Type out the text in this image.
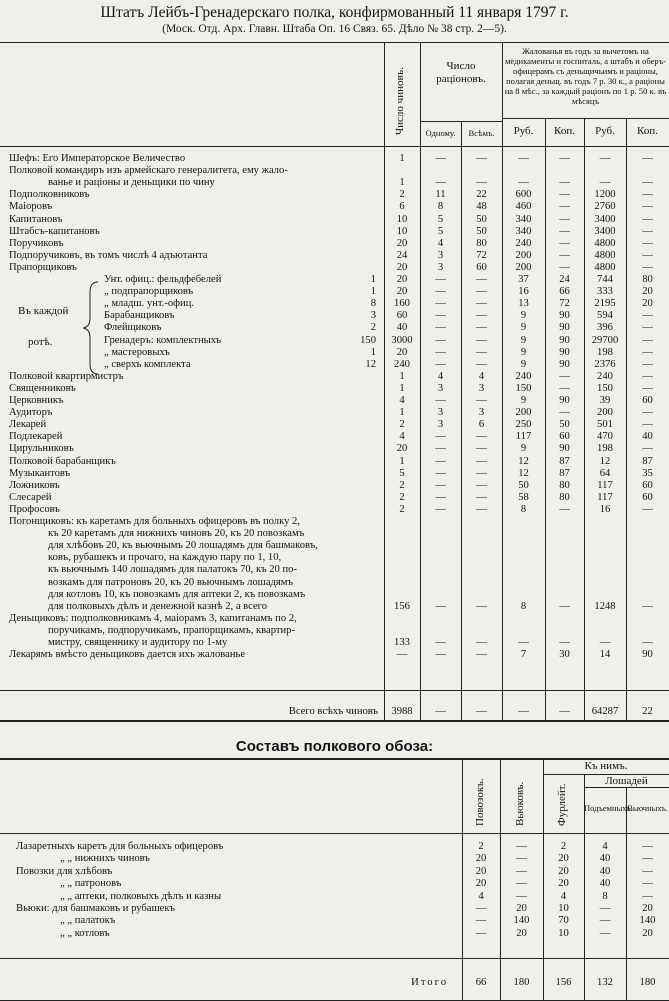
Штатъ Лейбъ-Гренадерскаго полка, конфирмованный 11 января 1797 г.
(Моск. Отд. Арх. Главн. Штаба Оп. 16 Связ. 65. Дѣло № 38 стр. 2—5).
Число чиновъ.
Число раціоновъ.
Одному.	Всѣмъ.
Жалованья въ годъ за вычетомъ на медикаменты и госпиталь, а штабъ и оберъ-офицерамъ съ деньщичьимъ и раціоны, полагая деньщ. въ годъ 7 р. 30 к., а раціоны на 8 мѣс., за каждый раціонъ по 1 р. 50 к. въ мѣсяцъ
Руб.	Коп.	Руб.	Коп.
Въ каждой
ротѣ.
Шефъ: Его Императорское Величество	1	—	—	—	—	—	—
Полковой командиръ изъ армейскаго генералитета, ему жало-
ванье и раціоны и деньщики по чину	1	—	—	—	—	—	—
Подполковниковъ	2	11	22	600	—	1200	—
Маіоровъ	6	8	48	460	—	2760	—
Капитановъ	10	5	50	340	—	3400	—
Штабсъ-капитановъ	10	5	50	340	—	3400	—
Поручиковъ	20	4	80	240	—	4800	—
Подпоручиковъ, въ томъ числѣ 4 адъютанта	24	3	72	200	—	4800	—
Прапорщиковъ	20	3	60	200	—	4800	—
Унт. офиц.: фельдфебелей	1	20	—	—	37	24	744	80
„ подпрапорщиковъ	1	20	—	—	16	66	333	20
„ младш. унт.-офиц.	8	160	—	—	13	72	2195	20
Барабанщиковъ	3	60	—	—	9	90	594	—
Флейщиковъ	2	40	—	—	9	90	396	—
Гренадеръ: комплектныхъ	150	3000	—	—	9	90	29700	—
„ мастеровыхъ	1	20	—	—	9	90	198	—
„ сверхъ комплекта	12	240	—	—	9	90	2376	—
Полковой квартирмистръ	1	4	4	240	—	240	—
Священниковъ	1	3	3	150	—	150	—
Церковникъ	4	—	—	9	90	39	60
Аудиторъ	1	3	3	200	—	200	—
Лекарей	2	3	6	250	50	501	—
Подлекарей	4	—	—	117	60	470	40
Цирульниковъ	20	—	—	9	90	198	—
Полковой барабанщикъ	1	—	—	12	87	12	87
Музыкантовъ	5	—	—	12	87	64	35
Ложниковъ	2	—	—	50	80	117	60
Слесарей	2	—	—	58	80	117	60
Профосовъ	2	—	—	8	—	16	—
Погонщиковъ: къ каретамъ для больныхъ офицеровъ въ полку 2,
къ 20 каретамъ для нижнихъ чиновъ 20, къ 20 повозкамъ
для хлѣбовъ 20, къ вьючнымъ 20 лошадямъ для башмаковъ,
ковъ, рубашекъ и прочаго, на каждую пару по 1, 10,
къ вьючнымъ 140 лошадямъ для палатокъ 70, къ 20 по-
возкамъ для патроновъ 20, къ 20 вьючнымъ лошадямъ
для котловъ 10, къ повозкамъ для аптеки 2, къ повозкамъ
для полковыхъ дѣлъ и денежной казнѣ 2, а всего	156	—	—	8	—	1248	—
Деньщиковъ: подполковникамъ 4, маіорамъ 3, капитанамъ по 2,
поручикамъ, подпоручикамъ, прапорщикамъ, квартир-
мистру, священнику и аудитору по 1-му	133	—	—	—	—	—	—
Лекарямъ вмѣсто деньщиковъ дается ихъ жалованье	—	—	—	7	30	14	90
Всего всѣхъ чиновъ	3988	—	—	—	—	64287	22
Составъ полкового обоза:
Повозокъ.	Вьюковъ.	Фурлейт.
Къ нимъ.
Лошадей
Подъемныхъ.
Вьючныхъ.
Лазаретныхъ каретъ для больныхъ офицеровъ	2	—	2	4	—
„ „ нижнихъ чиновъ	20	—	20	40	—
Повозки для хлѣбовъ	20	—	20	40	—
„ „ патроновъ	20	—	20	40	—
„ „ аптеки, полковыхъ дѣлъ и казны	4	—	4	8	—
Вьюки: для башмаковъ и рубашекъ	—	20	10	—	20
„ „ палатокъ	—	140	70	—	140
„ „ котловъ	—	20	10	—	20
Итого	66	180	156	132	180
